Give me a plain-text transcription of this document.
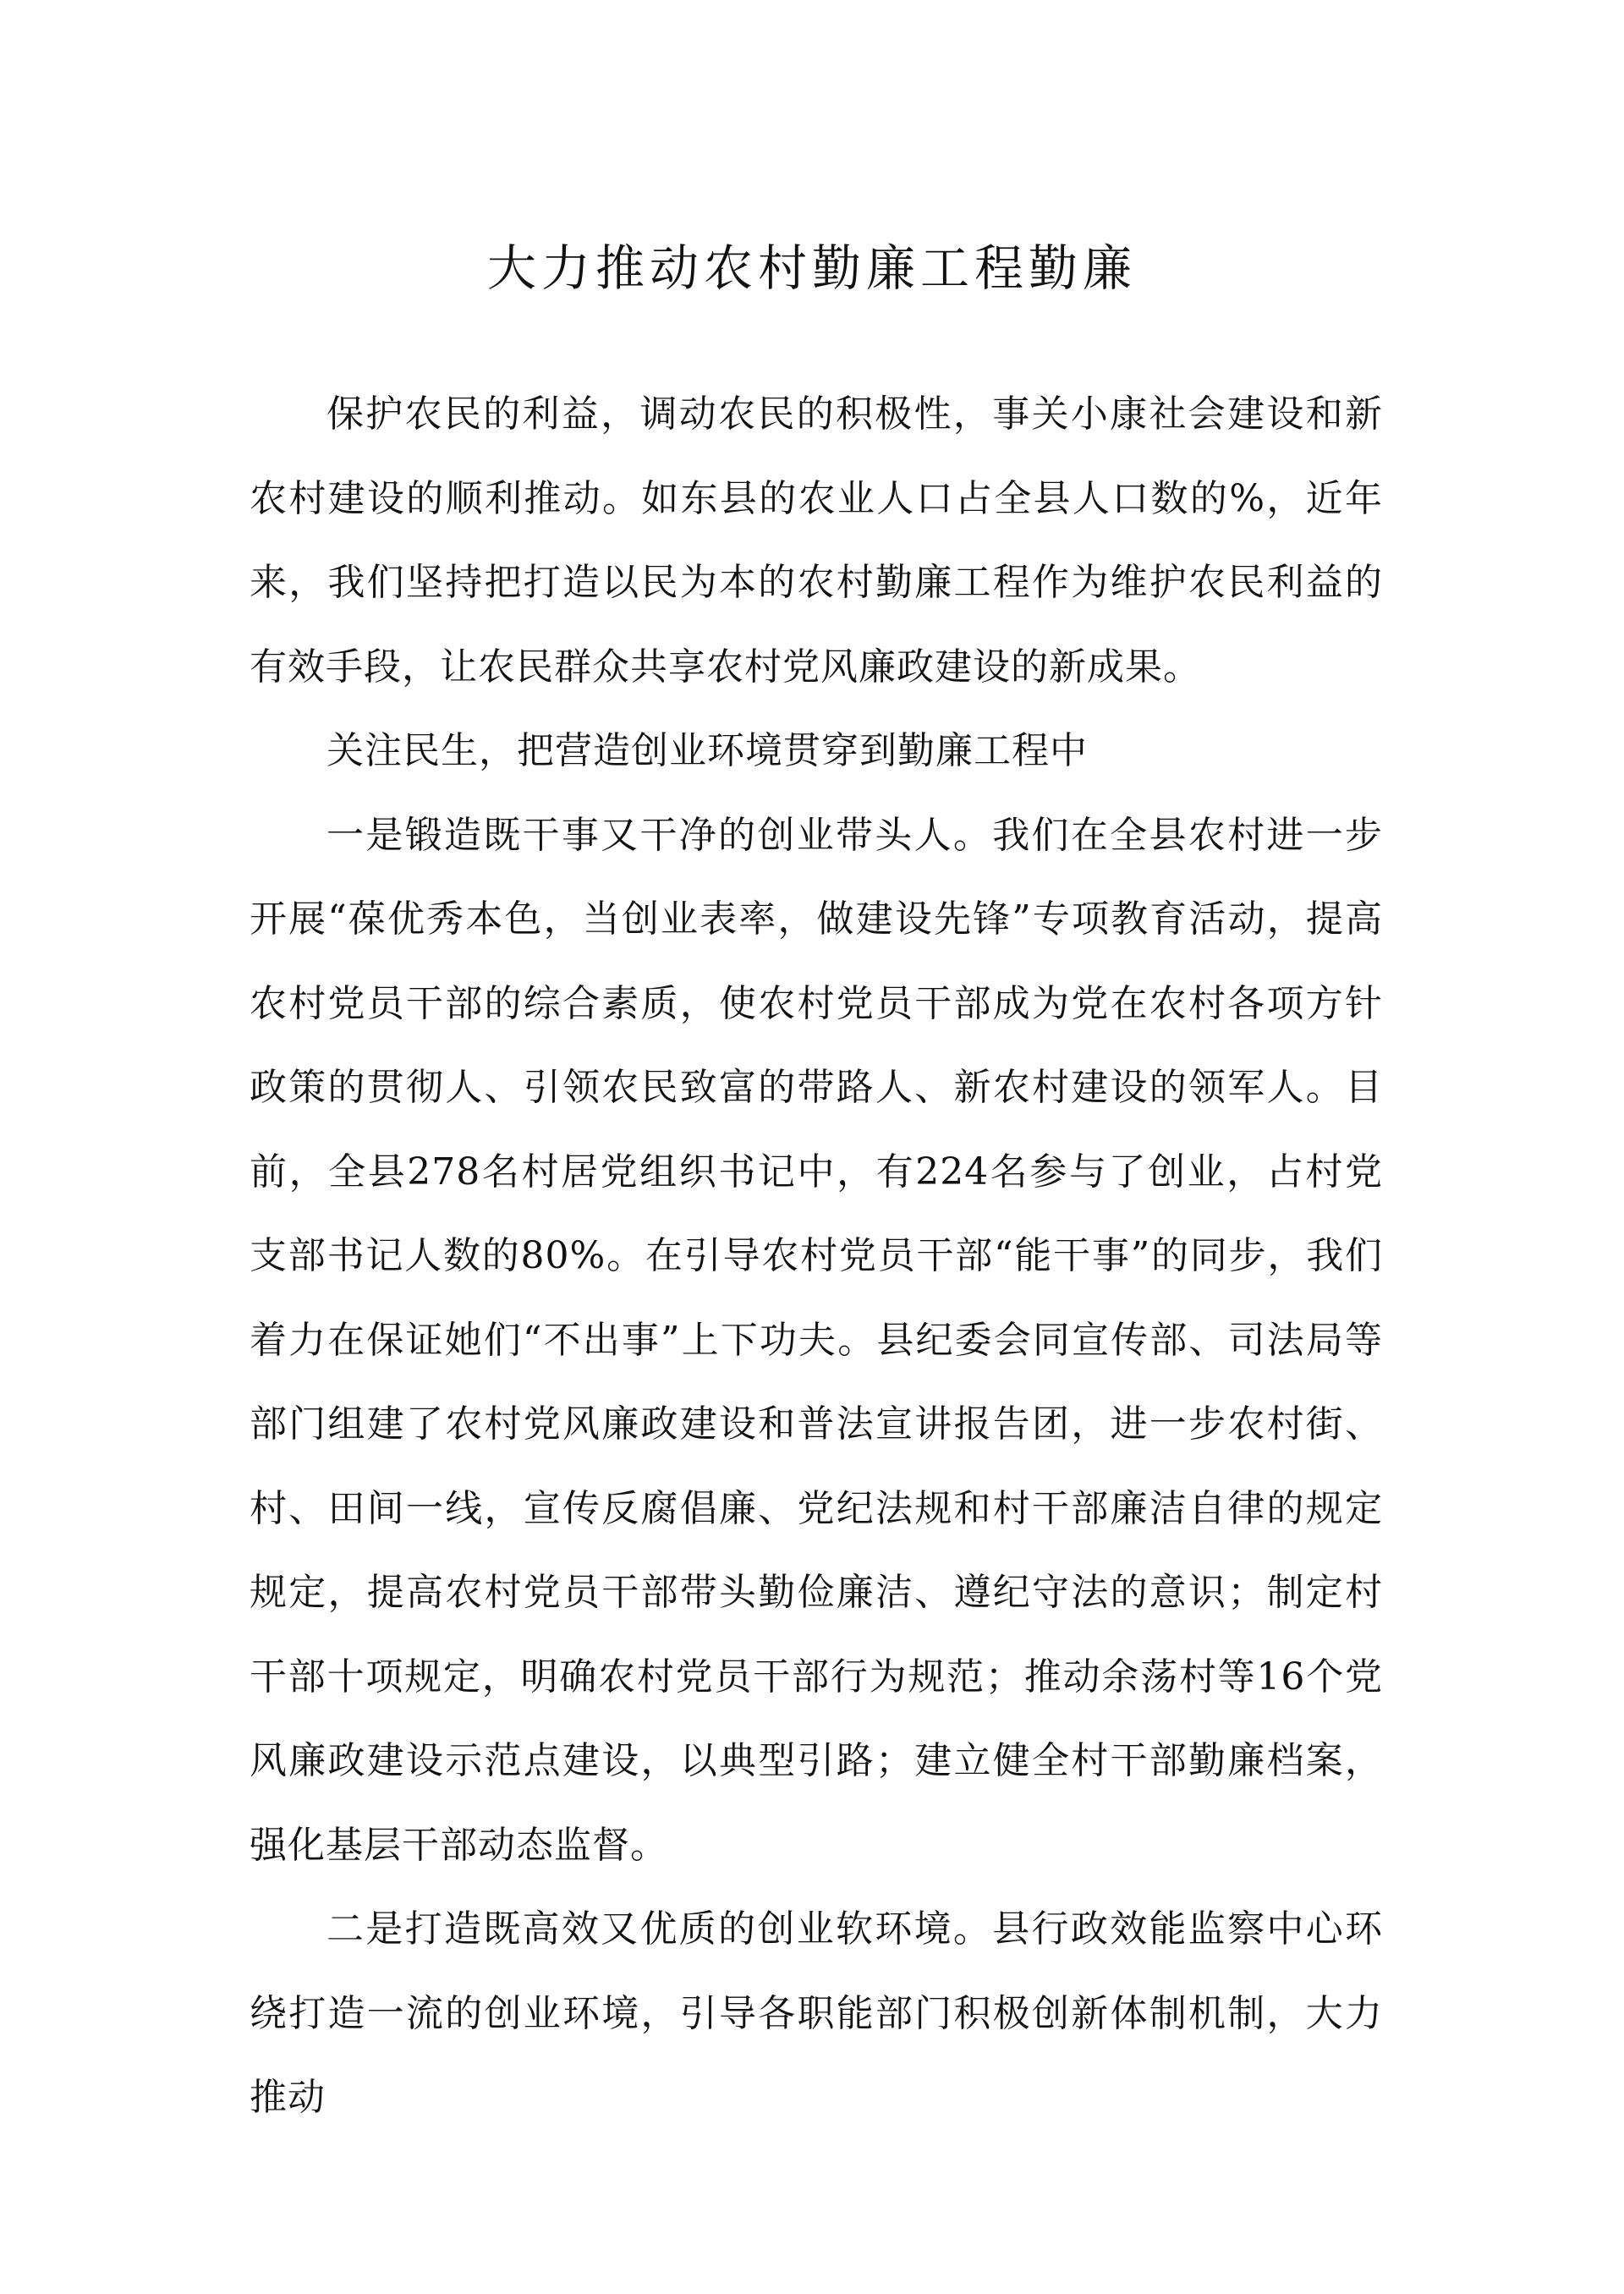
大力推动农村勤廉工程勤廉

保护农民的利益，调动农民的积极性，事关小康社会建设和新农村建设的顺利推动。如东县的农业人口占全县人口数的%，近年来，我们坚持把打造以民为本的农村勤廉工程作为维护农民利益的有效手段，让农民群众共享农村党风廉政建设的新成果。

关注民生，把营造创业环境贯穿到勤廉工程中

一是锻造既干事又干净的创业带头人。我们在全县农村进一步开展“葆优秀本色，当创业表率，做建设先锋”专项教育活动，提高农村党员干部的综合素质，使农村党员干部成为党在农村各项方针政策的贯彻人、引领农民致富的带路人、新农村建设的领军人。目前，全县278名村居党组织书记中，有224名参与了创业，占村党支部书记人数的80%。在引导农村党员干部“能干事”的同步，我们着力在保证她们“不出事”上下功夫。县纪委会同宣传部、司法局等部门组建了农村党风廉政建设和普法宣讲报告团，进一步农村街、村、田间一线，宣传反腐倡廉、党纪法规和村干部廉洁自律的规定规定，提高农村党员干部带头勤俭廉洁、遵纪守法的意识；制定村干部十项规定，明确农村党员干部行为规范；推动余荡村等16个党风廉政建设示范点建设，以典型引路；建立健全村干部勤廉档案，强化基层干部动态监督。

二是打造既高效又优质的创业软环境。县行政效能监察中心环绕打造一流的创业环境，引导各职能部门积极创新体制机制，大力推动
